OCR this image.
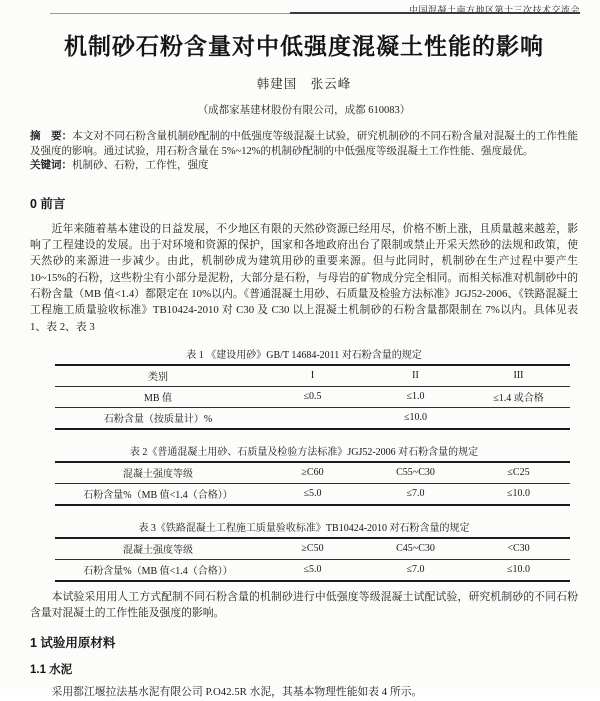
中国混凝土南方地区第十三次技术交流会
机制砂石粉含量对中低强度混凝土性能的影响
韩建国　张云峰
（成都家基建材股份有限公司，成都 610083）

摘　要：本文对不同石粉含量机制砂配制的中低强度等级混凝土试验，研究机制砂的不同石粉含量对混凝土的工作性能及强度的影响。通过试验，用石粉含量在 5%~12%的机制砂配制的中低强度等级混凝土工作性能、强度最优。

关键词：机制砂、石粉，工作性，强度

0 前言

近年来随着基本建设的日益发展，不少地区有限的天然砂资源已经用尽，价格不断上涨，且质量越来越差，影响了工程建设的发展。出于对环境和资源的保护，国家和各地政府出台了限制或禁止开采天然砂的法规和政策，使天然砂的来源进一步减少。由此，机制砂成为建筑用砂的重要来源。但与此同时，机制砂在生产过程中要产生 10~15%的石粉，这些粉尘有小部分是泥粉，大部分是石粉，与母岩的矿物成分完全相同。而相关标准对机制砂中的石粉含量（MB 值<1.4）都限定在 10%以内。《普通混凝土用砂、石质量及检验方法标准》JGJ52-2006、《铁路混凝土工程施工质量验收标准》TB10424-2010 对 C30 及 C30 以上混凝土机制砂的石粉含量都限制在 7%以内。具体见表 1、表 2、表 3

表 1 《建设用砂》GB/T 14684-2011 对石粉含量的规定
类别	I	II	III
MB 值	≤0.5	≤1.0	≤1.4 或合格
石粉含量（按质量计）%	≤10.0		
表 2《普通混凝土用砂、石质量及检验方法标准》JGJ52-2006 对石粉含量的规定
混凝土强度等级	≥C60	C55~C30	≤C25
石粉含量%（MB 值<1.4（合格））	≤5.0	≤7.0	≤10.0
表 3《铁路混凝土工程施工质量验收标准》TB10424-2010 对石粉含量的规定
混凝土强度等级	≥C50	C45~C30	<C30
石粉含量%（MB 值<1.4（合格））	≤5.0	≤7.0	≤10.0

本试验采用用人工方式配制不同石粉含量的机制砂进行中低强度等级混凝土试配试验，研究机制砂的不同石粉含量对混凝土的工作性能及强度的影响。

1 试验用原材料
1.1 水泥

采用都江堰拉法基水泥有限公司 P.O42.5R 水泥，其基本物理性能如表 4 所示。
